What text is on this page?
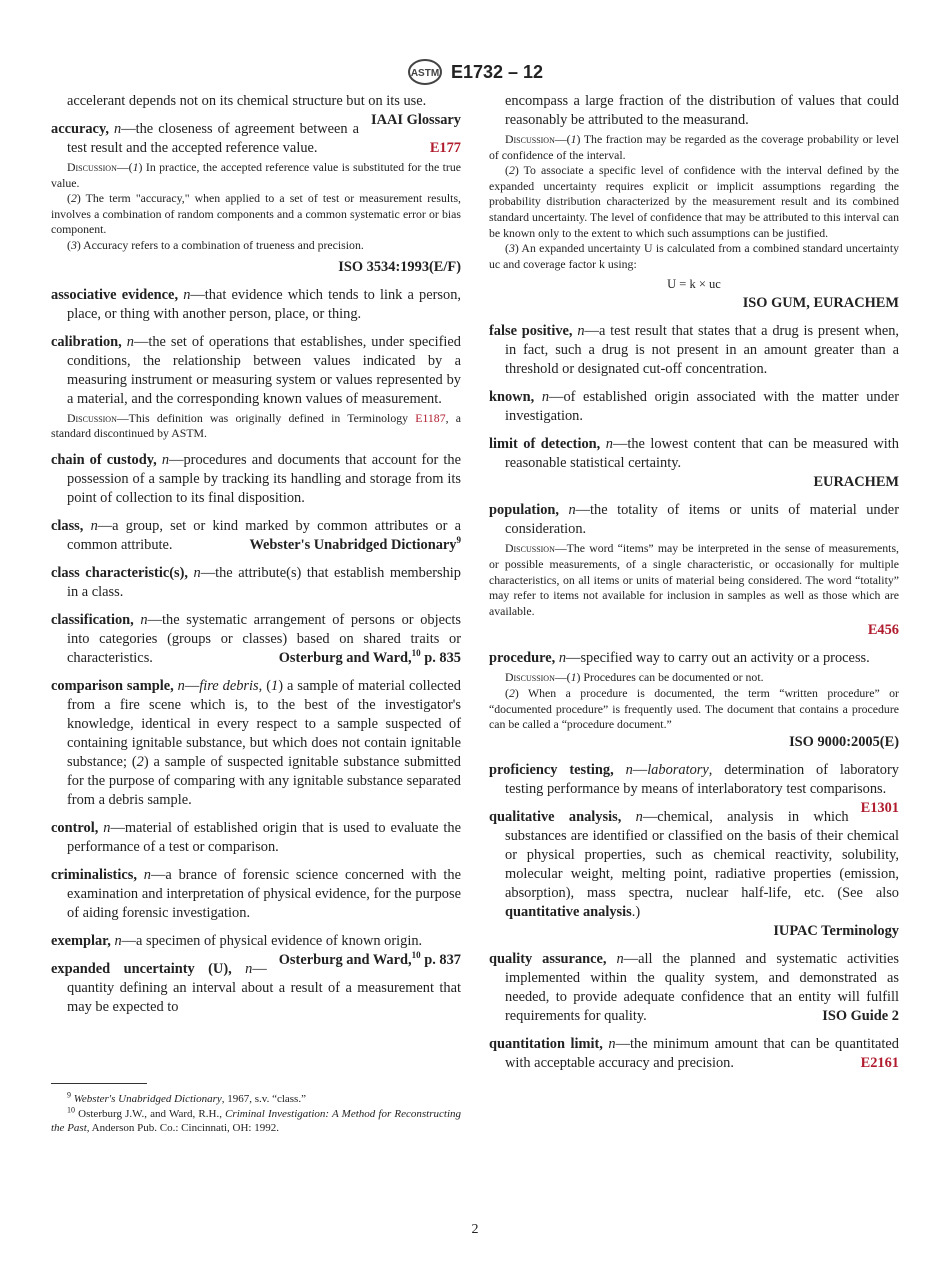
ASTM E1732 – 12
accelerant depends not on its chemical structure but on its use.
IAAI Glossary
accuracy, n—the closeness of agreement between a test result and the accepted reference value.	E177

Discussion—(1) In practice, the accepted reference value is substituted for the true value.

(2) The term "accuracy," when applied to a set of test or measurement results, involves a combination of random components and a common systematic error or bias component.

(3) Accuracy refers to a combination of trueness and precision.

ISO 3534:1993(E/F)
associative evidence, n—that evidence which tends to link a person, place, or thing with another person, place, or thing.
calibration, n—the set of operations that establishes, under specified conditions, the relationship between values indicated by a measuring instrument or measuring system or values represented by a material, and the corresponding known values of measurement.

Discussion—This definition was originally defined in Terminology E1187, a standard discontinued by ASTM.

chain of custody, n—procedures and documents that account for the possession of a sample by tracking its handling and storage from its point of collection to its final disposition.
class, n—a group, set or kind marked by common attributes or a common attribute.	Webster's Unabridged Dictionary$^9$
class characteristic(s), n—the attribute(s) that establish membership in a class.
classification, n—the systematic arrangement of persons or objects into categories (groups or classes) based on shared traits or characteristics.	Osterburg and Ward,$^{10}$ p. 835
comparison sample, n—fire debris, (1) a sample of material collected from a fire scene which is, to the best of the investigator's knowledge, identical in every respect to a sample suspected of containing ignitable substance, but which does not contain ignitable substance; (2) a sample of suspected ignitable substance submitted for the purpose of comparing with any ignitable substance separated from a debris sample.
control, n—material of established origin that is used to evaluate the performance of a test or comparison.
criminalistics, n—a brance of forensic science concerned with the examination and interpretation of physical evidence, for the purpose of aiding forensic investigation.
exemplar, n—a specimen of physical evidence of known origin.
Osterburg and Ward,$^{10}$ p. 837
expanded uncertainty (U), n—quantity defining an interval about a result of a measurement that may be expected to

$^9$ Webster's Unabridged Dictionary, 1967, s.v. “class.”

$^{10}$ Osterburg J.W., and Ward, R.H., Criminal Investigation: A Method for Reconstructing the Past, Anderson Pub. Co.: Cincinnati, OH: 1992.

encompass a large fraction of the distribution of values that could reasonably be attributed to the measurand.

Discussion—(1) The fraction may be regarded as the coverage probability or level of confidence of the interval.

(2) To associate a specific level of confidence with the interval defined by the expanded uncertainty requires explicit or implicit assumptions regarding the probability distribution characterized by the measurement result and its combined standard uncertainty. The level of confidence that may be attributed to this interval can be known only to the extent to which such assumptions can be justified.

(3) An expanded uncertainty U is calculated from a combined standard uncertainty uc and coverage factor k using:

U = k × uc
ISO GUM, EURACHEM
false positive, n—a test result that states that a drug is present when, in fact, such a drug is not present in an amount greater than a threshold or designated cut-off concentration.
known, n—of established origin associated with the matter under investigation.
limit of detection, n—the lowest content that can be measured with reasonable statistical certainty.
EURACHEM
population, n—the totality of items or units of material under consideration.

Discussion—The word “items” may be interpreted in the sense of measurements, or possible measurements, of a single characteristic, or occasionally for multiple characteristics, on all items or units of material being considered. The word “totality” may refer to items not available for inclusion in samples as well as those which are available.

E456
procedure, n—specified way to carry out an activity or a process.

Discussion—(1) Procedures can be documented or not.

(2) When a procedure is documented, the term “written procedure” or “documented procedure” is frequently used. The document that contains a procedure can be called a “procedure document.”

ISO 9000:2005(E)
proficiency testing, n—laboratory, determination of laboratory testing performance by means of interlaboratory test comparisons.
E1301
qualitative analysis, n—chemical, analysis in which substances are identified or classified on the basis of their chemical or physical properties, such as chemical reactivity, solubility, molecular weight, melting point, radiative properties (emission, absorption), mass spectra, nuclear half-life, etc. (See also quantitative analysis.)
IUPAC Terminology
quality assurance, n—all the planned and systematic activities implemented within the quality system, and demonstrated as needed, to provide adequate confidence that an entity will fulfill requirements for quality.	ISO Guide 2
quantitation limit, n—the minimum amount that can be quantitated with acceptable accuracy and precision.	E2161
2
